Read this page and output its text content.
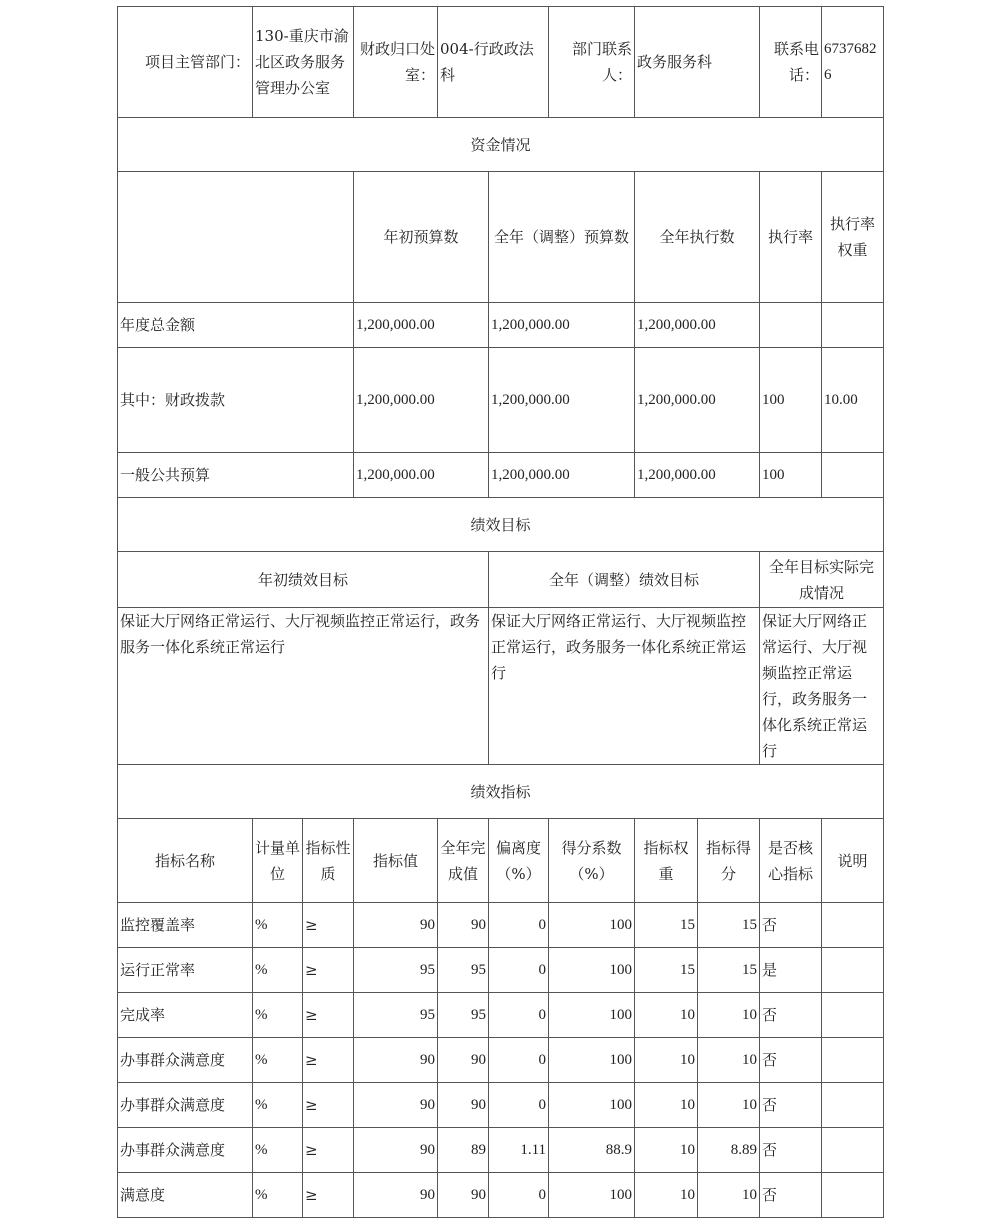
项目主管部门：	130-重庆市渝北区政务服务管理办公室		财政归口处室：	004-行政政法科		部门联系人：	政务服务科		联系电话：	67376826	
资金情况											
			年初预算数		全年（调整）预算数		全年执行数		执行率	执行率权重	
年度总金额			1,200,000.00		1,200,000.00		1,200,000.00				
其中：财政拨款			1,200,000.00		1,200,000.00		1,200,000.00		100	10.00	
一般公共预算			1,200,000.00		1,200,000.00		1,200,000.00		100		
绩效目标											
年初绩效目标					全年（调整）绩效目标				全年目标实际完成情况		
保证大厅网络正常运行、大厅视频监控正常运行，政务服务一体化系统正常运行					保证大厅网络正常运行、大厅视频监控正常运行，政务服务一体化系统正常运行				保证大厅网络正常运行、大厅视频监控正常运行，政务服务一体化系统正常运行		
绩效指标											
指标名称	计量单位	指标性质	指标值	全年完成值	偏离度（%）	得分系数（%）	指标权重	指标得分	是否核心指标	说明	
监控覆盖率	%	≥	90	90	0	100	15	15	否		
运行正常率	%	≥	95	95	0	100	15	15	是		
完成率	%	≥	95	95	0	100	10	10	否		
办事群众满意度	%	≥	90	90	0	100	10	10	否		
办事群众满意度	%	≥	90	90	0	100	10	10	否		
办事群众满意度	%	≥	90	89	1.11	88.9	10	8.89	否		
满意度	%	≥	90	90	0	100	10	10	否		
